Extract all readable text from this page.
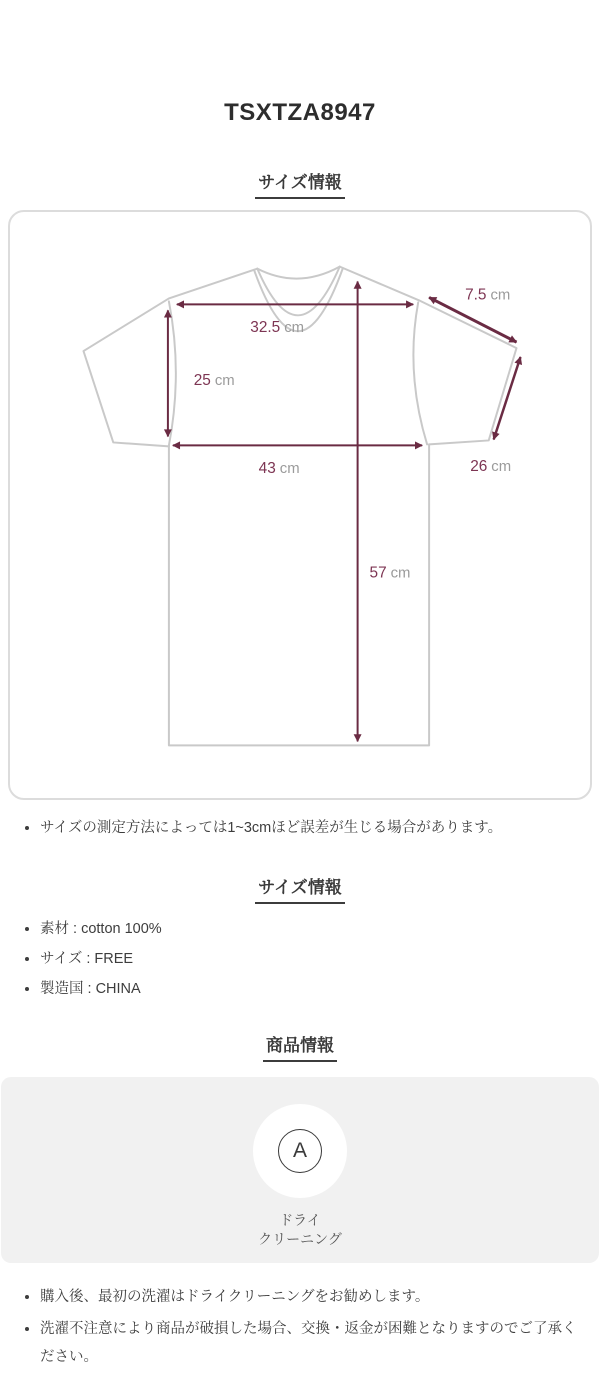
TSXTZA8947
サイズ情報
32.5 cm
25 cm
43 cm
57 cm
7.5 cm
26 cm
• サイズの測定方法によっては1~3cmほど誤差が生じる場合があります。
サイズ情報
• 素材 : cotton 100%
• サイズ : FREE
• 製造国 : CHINA
商品情報
A
ドライ
クリーニング
• 購入後、最初の洗濯はドライクリーニングをお勧めします。
• 洗濯不注意により商品が破損した場合、交換・返金が困難となりますのでご了承ください。
